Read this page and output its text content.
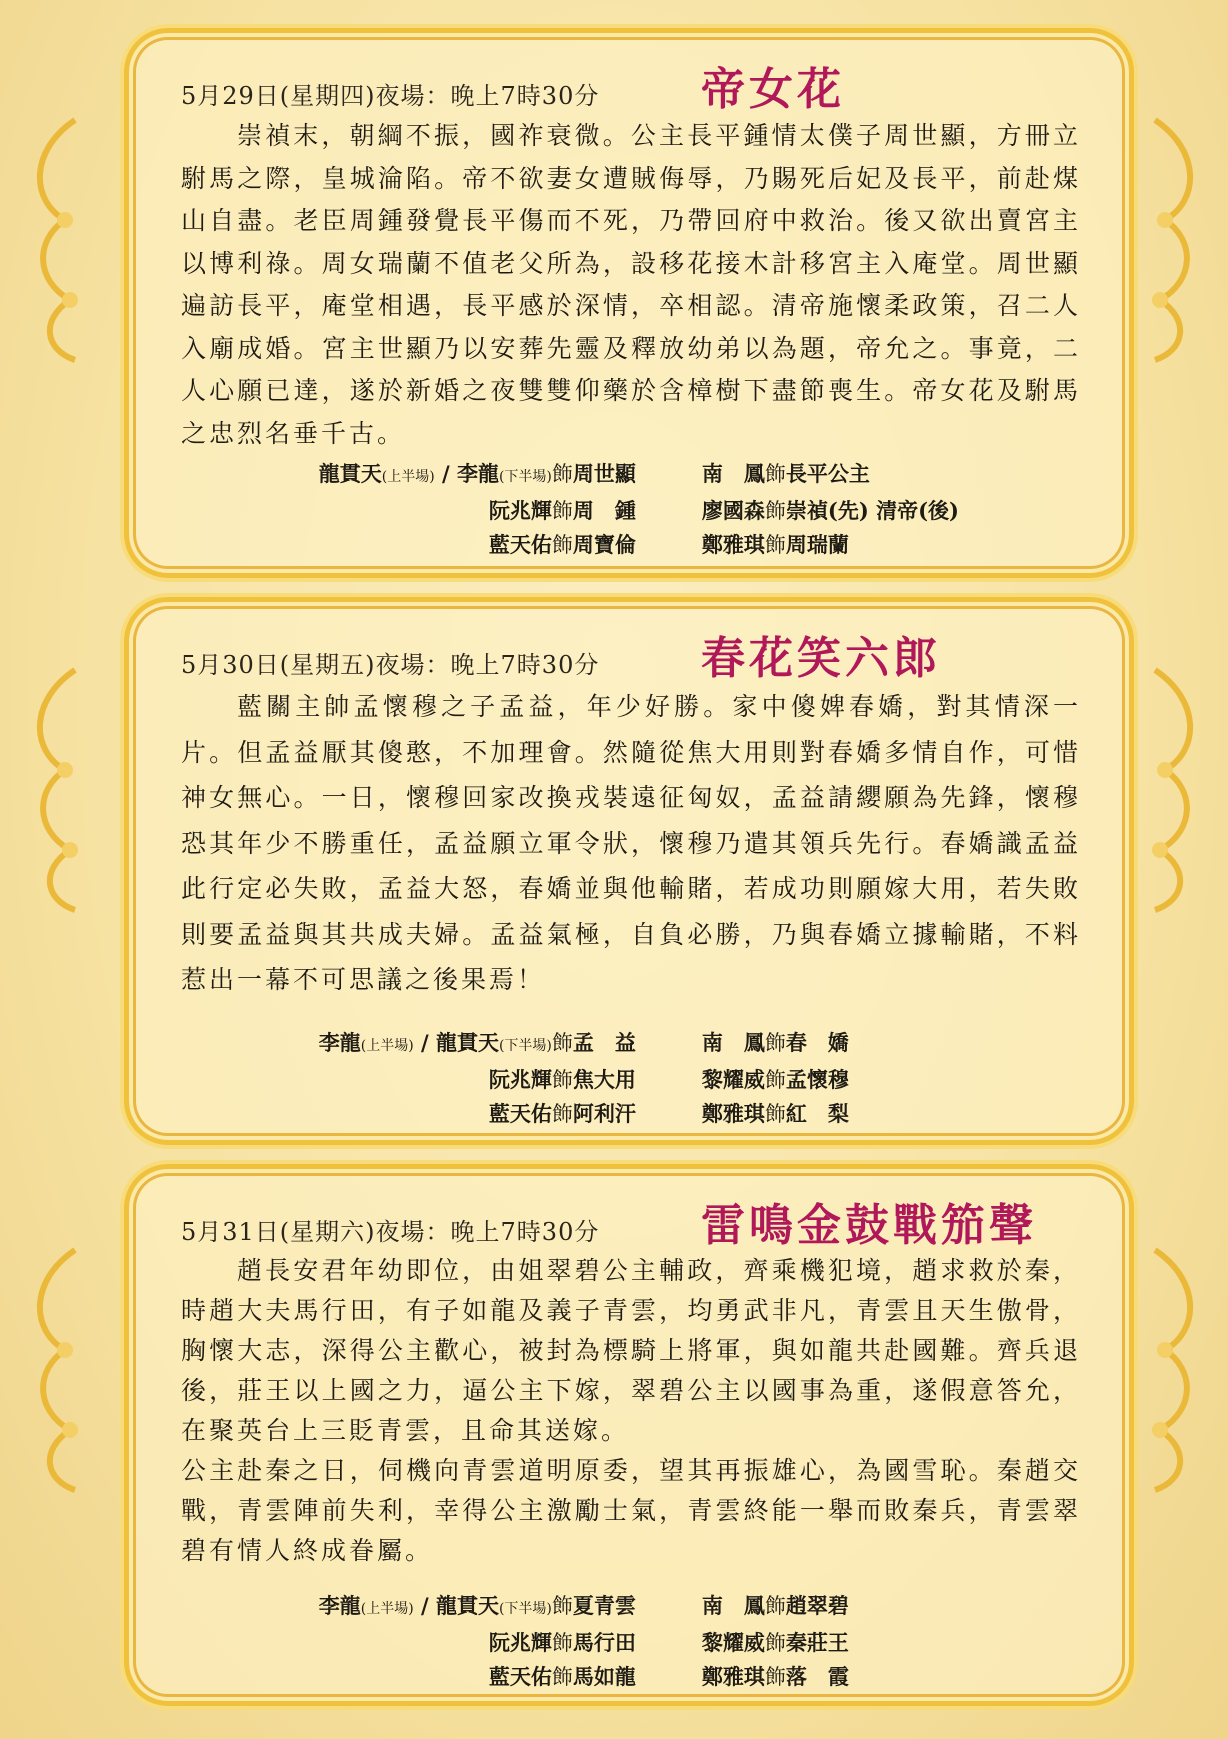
5月29日(星期四)夜場：晚上7時30分	帝女花

崇禎末，朝綱不振，國祚衰微。公主長平鍾情太僕子周世顯，方冊立駙馬之際，皇城淪陷。帝不欲妻女遭賊侮辱，乃賜死后妃及長平，前赴煤山自盡。老臣周鍾發覺長平傷而不死，乃帶回府中救治。後又欲出賣宮主以博利祿。周女瑞蘭不值老父所為，設移花接木計移宮主入庵堂。周世顯遍訪長平，庵堂相遇，長平感於深情，卒相認。清帝施懷柔政策，召二人入廟成婚。宮主世顯乃以安葬先靈及釋放幼弟以為題，帝允之。事竟，二人心願已達，遂於新婚之夜雙雙仰藥於含樟樹下盡節喪生。帝女花及駙馬之忠烈名垂千古。

龍貫天(上半場) / 李龍(下半場)飾周世顯	南　鳳飾長平公主
阮兆輝飾周　鍾	廖國森飾崇禎(先) 清帝(後)
藍天佑飾周寶倫	鄭雅琪飾周瑞蘭
5月30日(星期五)夜場：晚上7時30分	春花笑六郎

藍關主帥孟懷穆之子孟益，年少好勝。家中傻婢春嬌，對其情深一片。但孟益厭其傻憨，不加理會。然隨從焦大用則對春嬌多情自作，可惜神女無心。一日，懷穆回家改換戎裝遠征匈奴，孟益請纓願為先鋒，懷穆恐其年少不勝重任，孟益願立軍令狀，懷穆乃遣其領兵先行。春嬌識孟益此行定必失敗，孟益大怒，春嬌並與他輸賭，若成功則願嫁大用，若失敗則要孟益與其共成夫婦。孟益氣極，自負必勝，乃與春嬌立據輸賭，不料惹出一幕不可思議之後果焉！

李龍(上半場) / 龍貫天(下半場)飾孟　益	南　鳳飾春　嬌
阮兆輝飾焦大用	黎耀威飾孟懷穆
藍天佑飾阿利汗	鄭雅琪飾紅　梨
5月31日(星期六)夜場：晚上7時30分	雷鳴金鼓戰笳聲

趙長安君年幼即位，由姐翠碧公主輔政，齊乘機犯境，趙求救於秦，時趙大夫馬行田，有子如龍及義子青雲，均勇武非凡，青雲且天生傲骨，胸懷大志，深得公主歡心，被封為標騎上將軍，與如龍共赴國難。齊兵退後，莊王以上國之力，逼公主下嫁，翠碧公主以國事為重，遂假意答允，在聚英台上三貶青雲，且命其送嫁。

公主赴秦之日，伺機向青雲道明原委，望其再振雄心，為國雪恥。秦趙交戰，青雲陣前失利，幸得公主激勵士氣，青雲終能一舉而敗秦兵，青雲翠碧有情人終成眷屬。

李龍(上半場) / 龍貫天(下半場)飾夏青雲	南　鳳飾趙翠碧
阮兆輝飾馬行田	黎耀威飾秦莊王
藍天佑飾馬如龍	鄭雅琪飾落　霞
